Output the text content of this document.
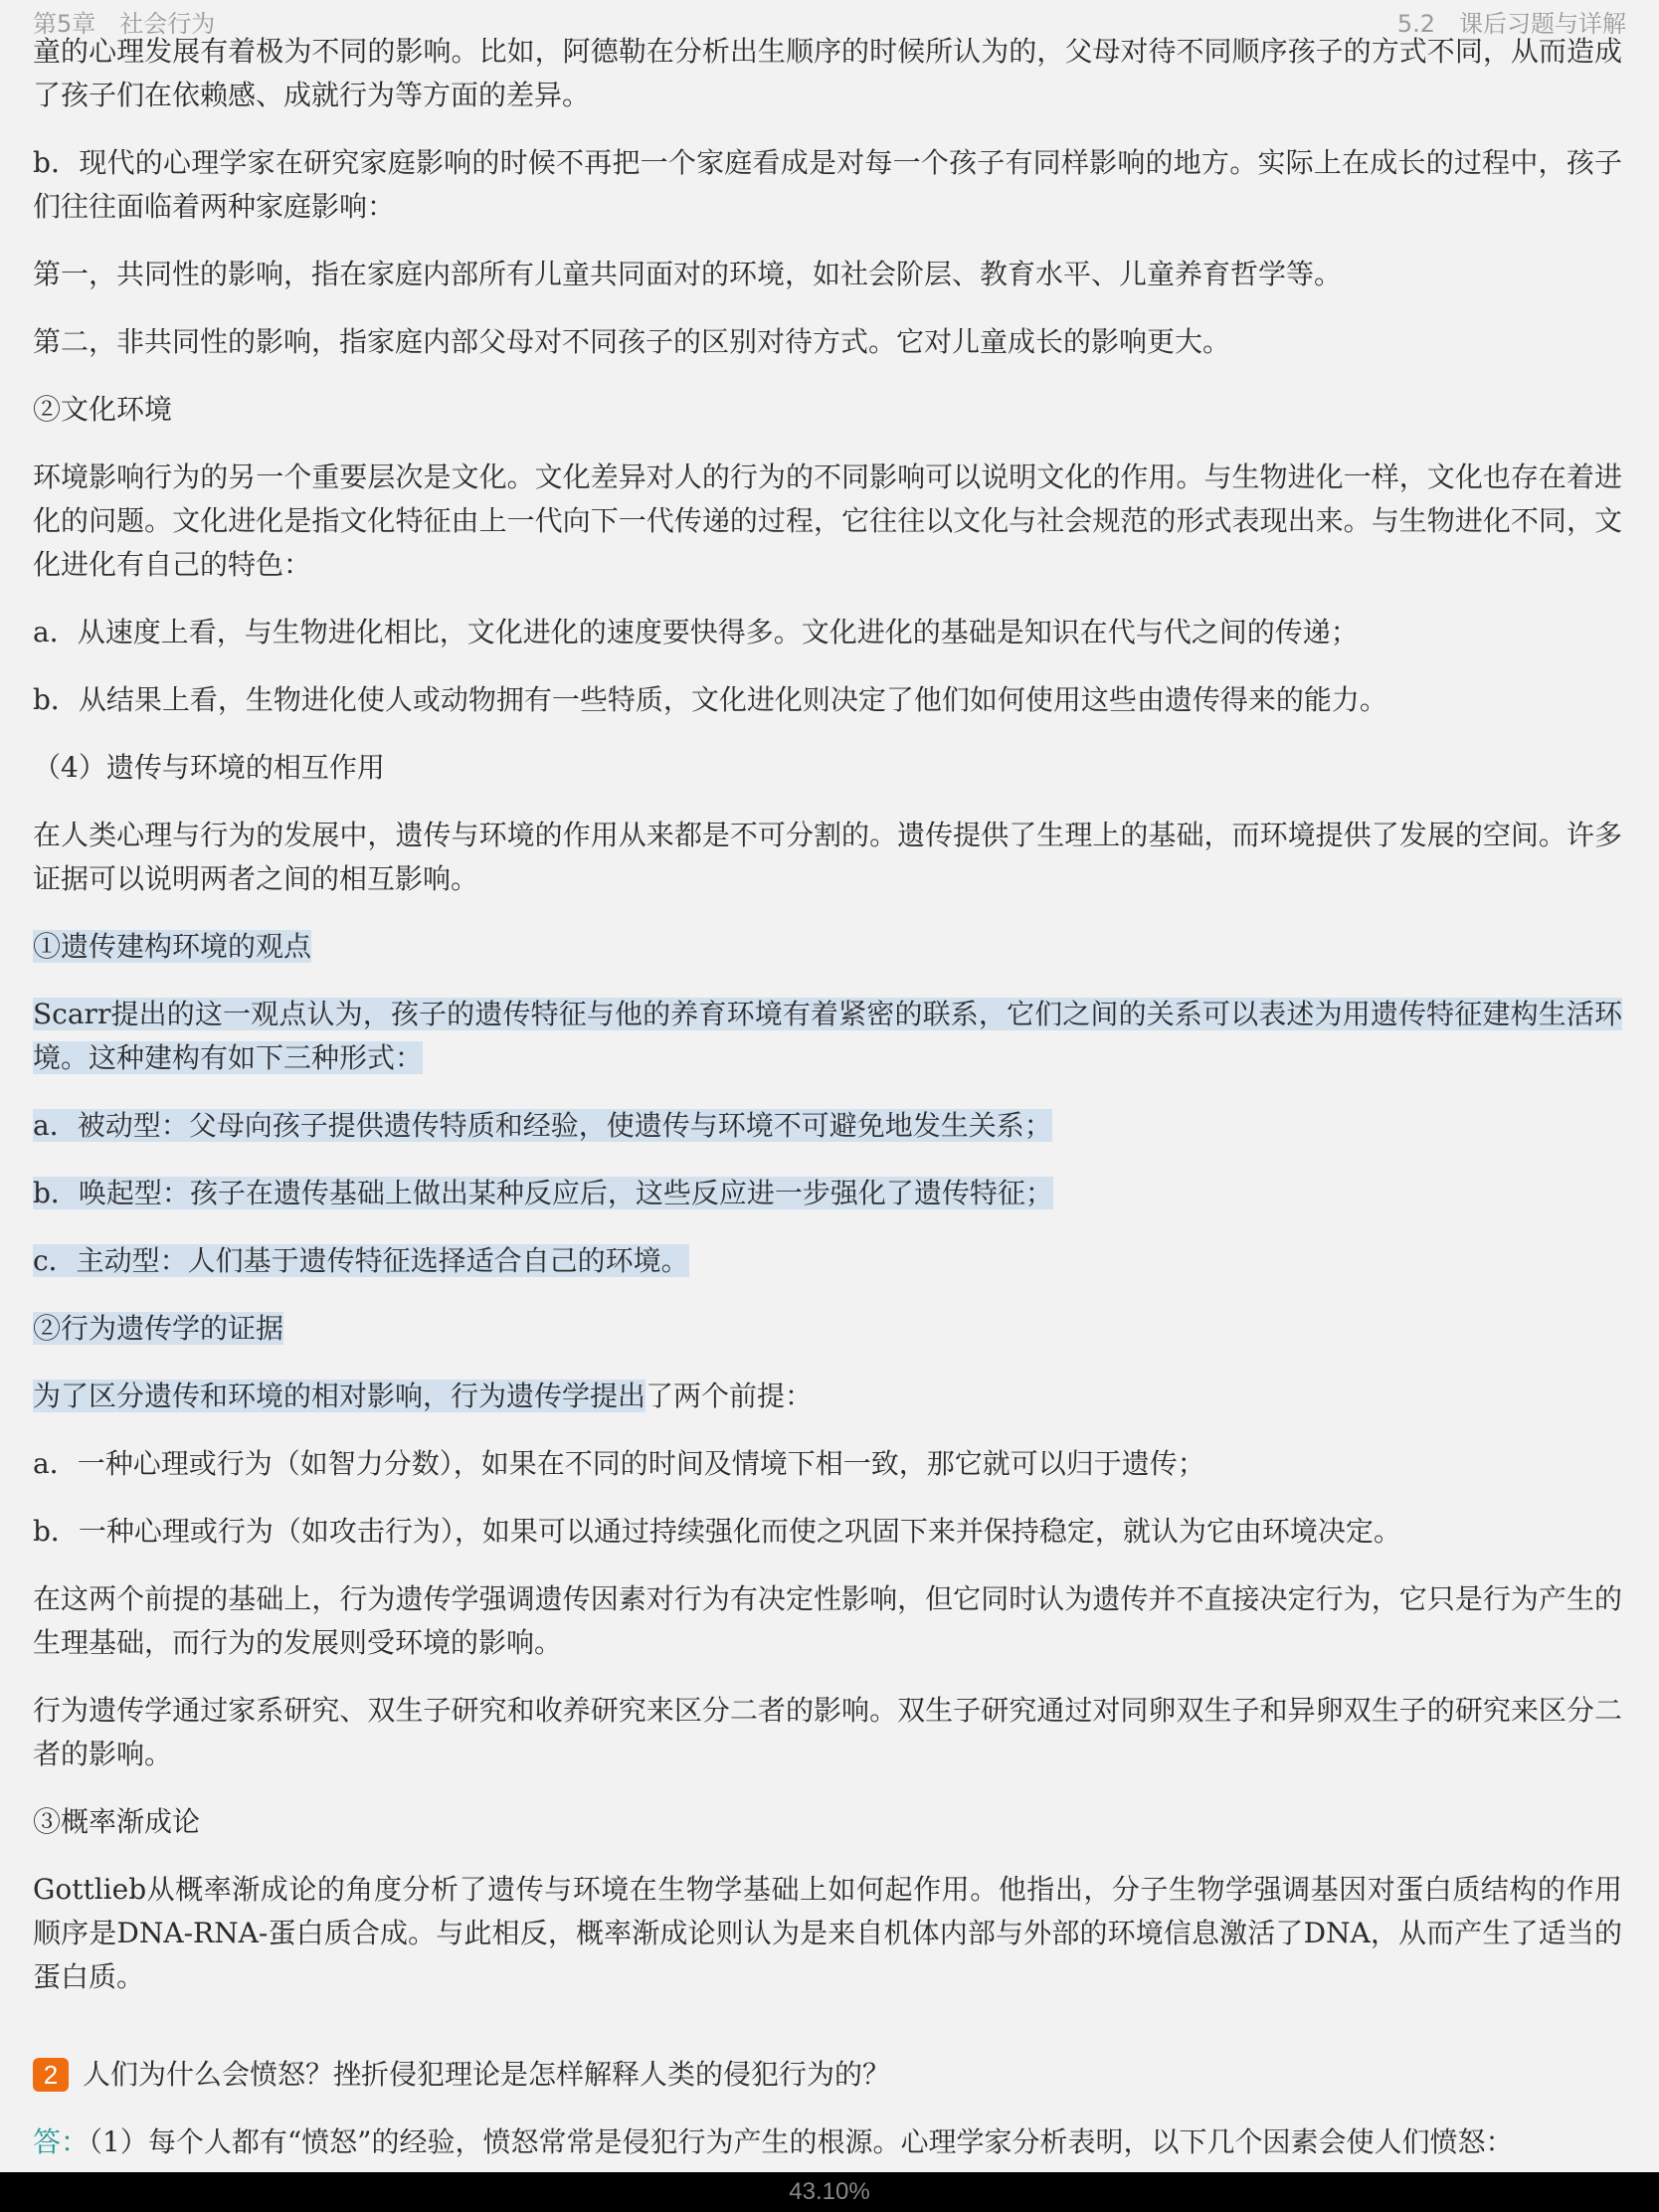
第5章　社会行为	5.2　课后习题与详解

童的心理发展有着极为不同的影响。比如，阿德勒在分析出生顺序的时候所认为的，父母对待不同顺序孩子的方式不同，从而造成了孩子们在依赖感、成就行为等方面的差异。

b．现代的心理学家在研究家庭影响的时候不再把一个家庭看成是对每一个孩子有同样影响的地方。实际上在成长的过程中，孩子们往往面临着两种家庭影响：

第一，共同性的影响，指在家庭内部所有儿童共同面对的环境，如社会阶层、教育水平、儿童养育哲学等。

第二，非共同性的影响，指家庭内部父母对不同孩子的区别对待方式。它对儿童成长的影响更大。

②文化环境

环境影响行为的另一个重要层次是文化。文化差异对人的行为的不同影响可以说明文化的作用。与生物进化一样，文化也存在着进化的问题。文化进化是指文化特征由上一代向下一代传递的过程，它往往以文化与社会规范的形式表现出来。与生物进化不同，文化进化有自己的特色：

a．从速度上看，与生物进化相比，文化进化的速度要快得多。文化进化的基础是知识在代与代之间的传递；

b．从结果上看，生物进化使人或动物拥有一些特质，文化进化则决定了他们如何使用这些由遗传得来的能力。

（4）遗传与环境的相互作用

在人类心理与行为的发展中，遗传与环境的作用从来都是不可分割的。遗传提供了生理上的基础，而环境提供了发展的空间。许多证据可以说明两者之间的相互影响。

①遗传建构环境的观点

Scarr提出的这一观点认为，孩子的遗传特征与他的养育环境有着紧密的联系，它们之间的关系可以表述为用遗传特征建构生活环境。这种建构有如下三种形式：

a．被动型：父母向孩子提供遗传特质和经验，使遗传与环境不可避免地发生关系；

b．唤起型：孩子在遗传基础上做出某种反应后，这些反应进一步强化了遗传特征；

c．主动型：人们基于遗传特征选择适合自己的环境。

②行为遗传学的证据

为了区分遗传和环境的相对影响，行为遗传学提出了两个前提：

a．一种心理或行为（如智力分数），如果在不同的时间及情境下相一致，那它就可以归于遗传；

b．一种心理或行为（如攻击行为），如果可以通过持续强化而使之巩固下来并保持稳定，就认为它由环境决定。

在这两个前提的基础上，行为遗传学强调遗传因素对行为有决定性影响，但它同时认为遗传并不直接决定行为，它只是行为产生的生理基础，而行为的发展则受环境的影响。

行为遗传学通过家系研究、双生子研究和收养研究来区分二者的影响。双生子研究通过对同卵双生子和异卵双生子的研究来区分二者的影响。

③概率渐成论

Gottlieb从概率渐成论的角度分析了遗传与环境在生物学基础上如何起作用。他指出，分子生物学强调基因对蛋白质结构的作用顺序是DNA-RNA-蛋白质合成。与此相反，概率渐成论则认为是来自机体内部与外部的环境信息激活了DNA，从而产生了适当的蛋白质。

2 人们为什么会愤怒？挫折侵犯理论是怎样解释人类的侵犯行为的？

答：（1）每个人都有“愤怒”的经验，愤怒常常是侵犯行为产生的根源。心理学家分析表明，以下几个因素会使人们愤怒：

43.10%
